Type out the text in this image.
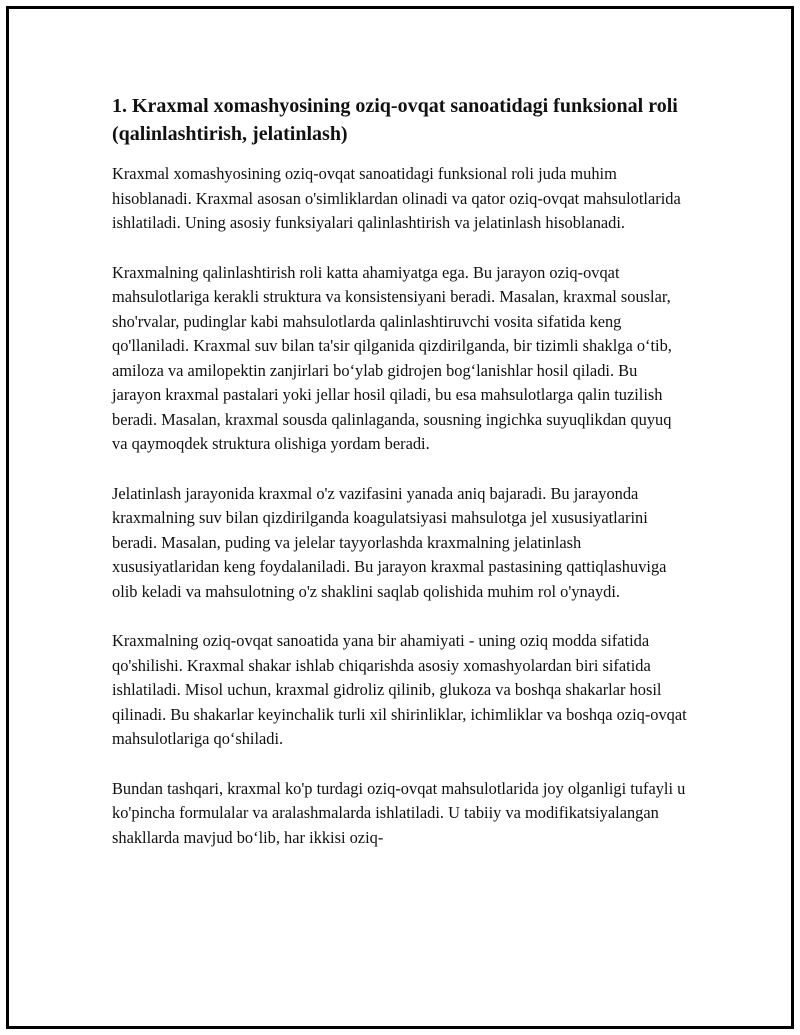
1. Kraxmal xomashyosining oziq-ovqat sanoatidagi funksional roli (qalinlashtirish, jelatinlash)

Kraxmal xomashyosining oziq-ovqat sanoatidagi funksional roli juda muhim hisoblanadi. Kraxmal asosan o'simliklardan olinadi va qator oziq-ovqat mahsulotlarida ishlatiladi. Uning asosiy funksiyalari qalinlashtirish va jelatinlash hisoblanadi.

Kraxmalning qalinlashtirish roli katta ahamiyatga ega. Bu jarayon oziq-ovqat mahsulotlariga kerakli struktura va konsistensiyani beradi. Masalan, kraxmal souslar, sho'rvalar, pudinglar kabi mahsulotlarda qalinlashtiruvchi vosita sifatida keng qo'llaniladi. Kraxmal suv bilan ta'sir qilganida qizdirilganda, bir tizimli shaklga o‘tib, amiloza va amilopektin zanjirlari bo‘ylab gidrojen bog‘lanishlar hosil qiladi. Bu jarayon kraxmal pastalari yoki jellar hosil qiladi, bu esa mahsulotlarga qalin tuzilish beradi. Masalan, kraxmal sousda qalinlaganda, sousning ingichka suyuqlikdan quyuq va qaymoqdek struktura olishiga yordam beradi.

Jelatinlash jarayonida kraxmal o'z vazifasini yanada aniq bajaradi. Bu jarayonda kraxmalning suv bilan qizdirilganda koagulatsiyasi mahsulotga jel xususiyatlarini beradi. Masalan, puding va jelelar tayyorlashda kraxmalning jelatinlash xususiyatlaridan keng foydalaniladi. Bu jarayon kraxmal pastasining qattiqlashuviga olib keladi va mahsulotning o'z shaklini saqlab qolishida muhim rol o'ynaydi.

Kraxmalning oziq-ovqat sanoatida yana bir ahamiyati - uning oziq modda sifatida qo'shilishi. Kraxmal shakar ishlab chiqarishda asosiy xomashyolardan biri sifatida ishlatiladi. Misol uchun, kraxmal gidroliz qilinib, glukoza va boshqa shakarlar hosil qilinadi. Bu shakarlar keyinchalik turli xil shirinliklar, ichimliklar va boshqa oziq-ovqat mahsulotlariga qo‘shiladi.

Bundan tashqari, kraxmal ko'p turdagi oziq-ovqat mahsulotlarida joy olganligi tufayli u ko'pincha formulalar va aralashmalarda ishlatiladi. U tabiiy va modifikatsiyalangan shakllarda mavjud bo‘lib, har ikkisi oziq-
